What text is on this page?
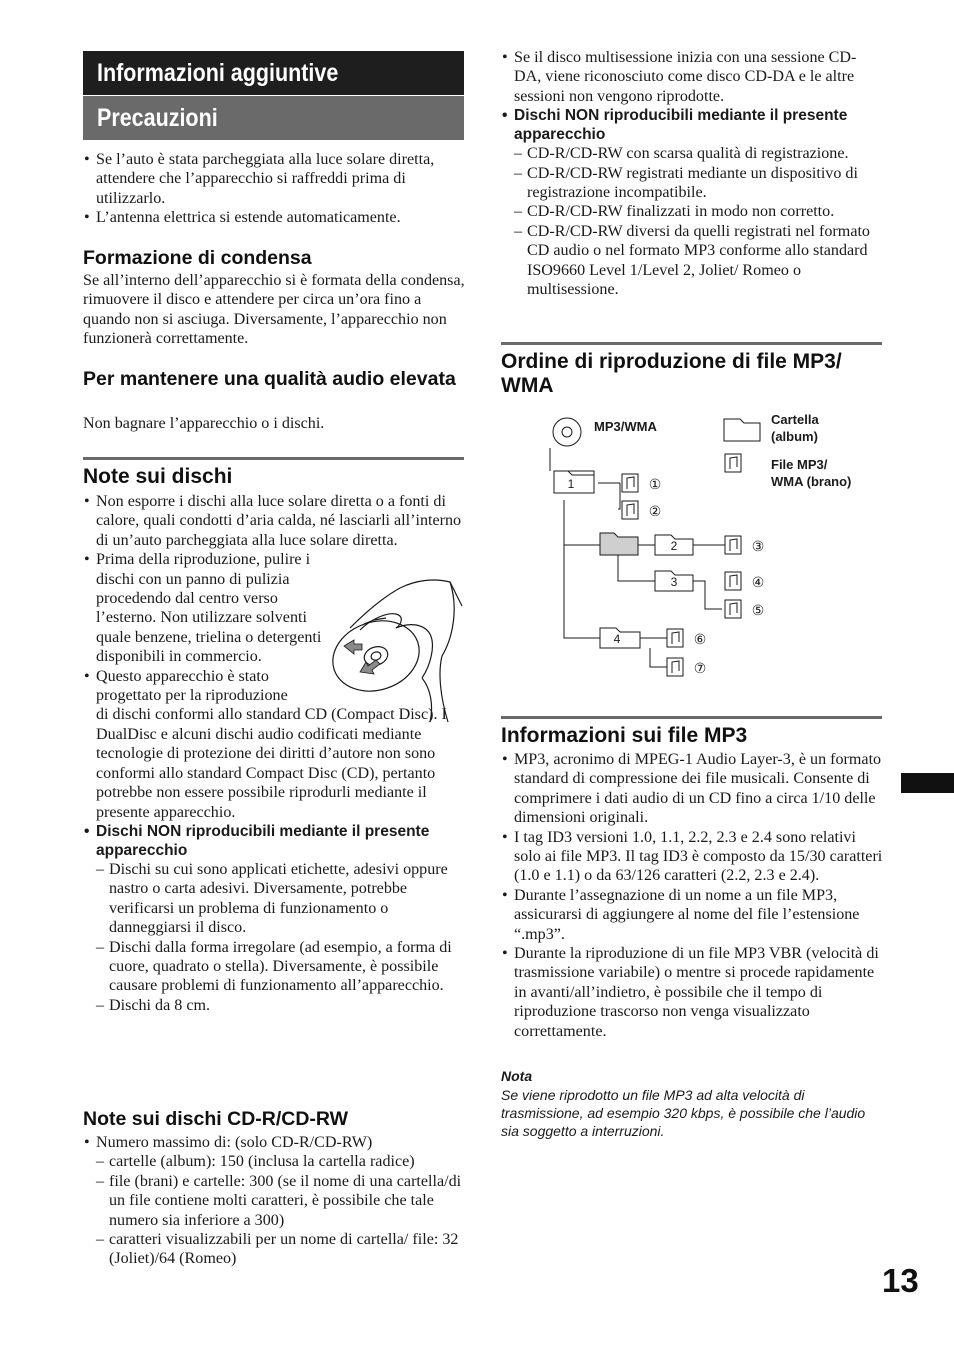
Informazioni aggiuntive
Precauzioni
• Se l’auto è stata parcheggiata alla luce solare diretta, attendere che l’apparecchio si raffreddi prima di utilizzarlo.
• L’antenna elettrica si estende automaticamente.
Formazione di condensa
Se all’interno dell’apparecchio si è formata della condensa, rimuovere il disco e attendere per circa un’ora fino a quando non si asciuga. Diversamente, l’apparecchio non funzionerà correttamente.
Per mantenere una qualità audio elevata
Non bagnare l’apparecchio o i dischi.
Note sui dischi
• Non esporre i dischi alla luce solare diretta o a fonti di calore, quali condotti d’aria calda, né lasciarli all’interno di un’auto parcheggiata alla luce solare diretta.
• Prima della riproduzione, pulire i dischi con un panno di pulizia procedendo dal centro verso l’esterno. Non utilizzare solventi quale benzene, trielina o detergenti disponibili in commercio.
• Questo apparecchio è stato progettato per la riproduzione
di dischi conformi allo standard CD (Compact Disc). I DualDisc e alcuni dischi audio codificati mediante tecnologie di protezione dei diritti d’autore non sono conformi allo standard Compact Disc (CD), pertanto potrebbe non essere possibile riprodurli mediante il presente apparecchio.
• Dischi NON riproducibili mediante il presente apparecchio
– Dischi su cui sono applicati etichette, adesivi oppure nastro o carta adesivi. Diversamente, potrebbe verificarsi un problema di funzionamento o danneggiarsi il disco.
– Dischi dalla forma irregolare (ad esempio, a forma di cuore, quadrato o stella). Diversamente, è possibile causare problemi di funzionamento all’apparecchio.
– Dischi da 8 cm.
Note sui dischi CD-R/CD-RW
• Numero massimo di: (solo CD-R/CD-RW)
– cartelle (album): 150 (inclusa la cartella radice)
– file (brani) e cartelle: 300 (se il nome di una cartella/di un file contiene molti caratteri, è possibile che tale numero sia inferiore a 300)
– caratteri visualizzabili per un nome di cartella/ file: 32 (Joliet)/64 (Romeo)
• Se il disco multisessione inizia con una sessione CD-DA, viene riconosciuto come disco CD-DA e le altre sessioni non vengono riprodotte.
• Dischi NON riproducibili mediante il presente apparecchio
– CD-R/CD-RW con scarsa qualità di registrazione.
– CD-R/CD-RW registrati mediante un dispositivo di registrazione incompatibile.
– CD-R/CD-RW finalizzati in modo non corretto.
– CD-R/CD-RW diversi da quelli registrati nel formato CD audio o nel formato MP3 conforme allo standard ISO9660 Level 1/Level 2, Joliet/ Romeo o multisessione.
Ordine di riproduzione di file MP3/ WMA
1
2
3
4
①
②
③
④
⑤
⑥
⑦
MP3/WMA	Cartella
(album)
File MP3/
WMA (brano)
Informazioni sui file MP3
• MP3, acronimo di MPEG-1 Audio Layer-3, è un formato standard di compressione dei file musicali. Consente di comprimere i dati audio di un CD fino a circa 1/10 delle dimensioni originali.
• I tag ID3 versioni 1.0, 1.1, 2.2, 2.3 e 2.4 sono relativi solo ai file MP3. Il tag ID3 è composto da 15/30 caratteri (1.0 e 1.1) o da 63/126 caratteri (2.2, 2.3 e 2.4).
• Durante l’assegnazione di un nome a un file MP3, assicurarsi di aggiungere al nome del file l’estensione “.mp3”.
• Durante la riproduzione di un file MP3 VBR (velocità di trasmissione variabile) o mentre si procede rapidamente in avanti/all’indietro, è possibile che il tempo di riproduzione trascorso non venga visualizzato correttamente.
Nota
Se viene riprodotto un file MP3 ad alta velocità di trasmissione, ad esempio 320 kbps, è possibile che l’audio sia soggetto a interruzioni.
13
